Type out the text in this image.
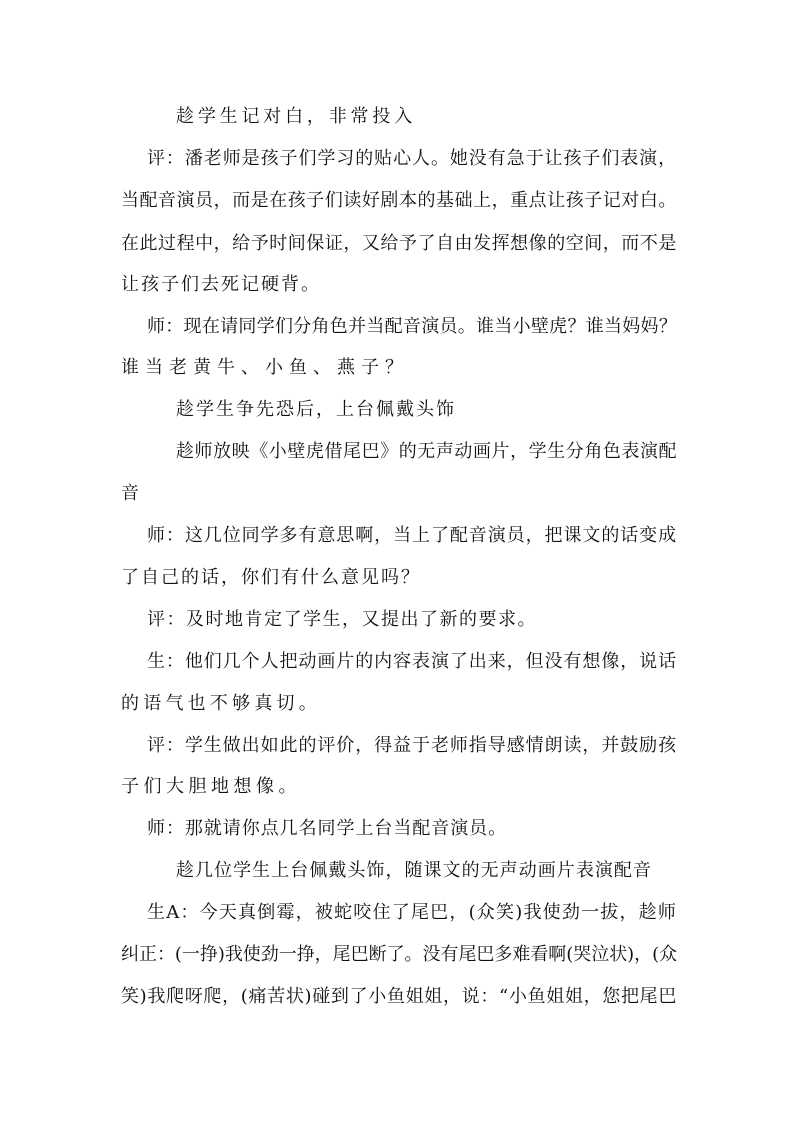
趁学生记对白，非常投入
评：潘老师是孩子们学习的贴心人。她没有急于让孩子们表演，
当配音演员，而是在孩子们读好剧本的基础上，重点让孩子记对白。
在此过程中，给予时间保证，又给予了自由发挥想像的空间，而不是
让孩子们去死记硬背。
师：现在请同学们分角色并当配音演员。谁当小壁虎？谁当妈妈？
谁当老黄牛、小鱼、燕子？
趁学生争先恐后，上台佩戴头饰
趁师放映《小壁虎借尾巴》的无声动画片，学生分角色表演配
音
师：这几位同学多有意思啊，当上了配音演员，把课文的话变成
了自己的话，你们有什么意见吗？
评：及时地肯定了学生，又提出了新的要求。
生：他们几个人把动画片的内容表演了出来，但没有想像，说话
的语气也不够真切。
评：学生做出如此的评价，得益于老师指导感情朗读，并鼓励孩
子们大胆地想像。
师：那就请你点几名同学上台当配音演员。
趁几位学生上台佩戴头饰，随课文的无声动画片表演配音
生A：今天真倒霉，被蛇咬住了尾巴，(众笑)我使劲一拔，趁师
纠正：(一挣)我使劲一挣，尾巴断了。没有尾巴多难看啊(哭泣状)，(众
笑)我爬呀爬，(痛苦状)碰到了小鱼姐姐，说：“小鱼姐姐，您把尾巴
